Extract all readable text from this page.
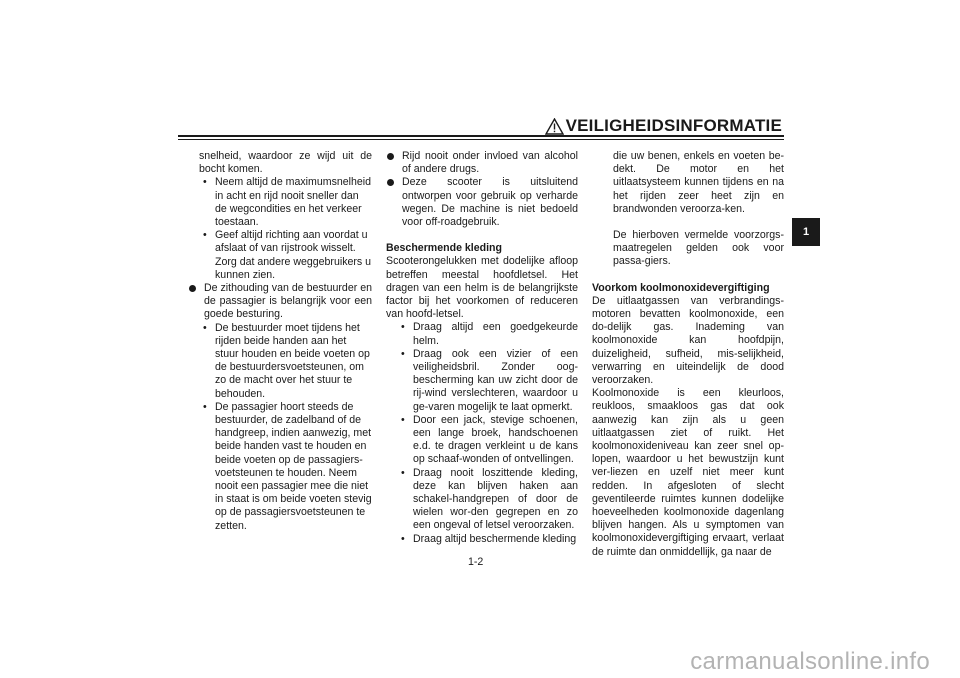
VEILIGHEIDSINFORMATIE
1

snelheid, waardoor ze wijd uit de bocht komen.

• Neem altijd de maximumsnelheid in acht en rijd nooit sneller dan de wegcondities en het verkeer toestaan.

• Geef altijd richting aan voordat u afslaat of van rijstrook wisselt. Zorg dat andere weggebruikers u kunnen zien.

De zithouding van de bestuurder en de passagier is belangrijk voor een goede besturing.

• De bestuurder moet tijdens het rijden beide handen aan het stuur houden en beide voeten op de bestuurdersvoetsteunen, om zo de macht over het stuur te behouden.

• De passagier hoort steeds de bestuurder, de zadelband of de handgreep, indien aanwezig, met beide handen vast te houden en beide voeten op de passagiers-voetsteunen te houden. Neem nooit een passagier mee die niet in staat is om beide voeten stevig op de passagiersvoetsteunen te zetten.

Rijd nooit onder invloed van alcohol of andere drugs.

Deze scooter is uitsluitend ontworpen voor gebruik op verharde wegen. De machine is niet bedoeld voor off-roadgebruik.

Beschermende kleding

Scooterongelukken met dodelijke afloop betreffen meestal hoofdletsel. Het dragen van een helm is de belangrijkste factor bij het voorkomen of reduceren van hoofd-letsel.

• Draag altijd een goedgekeurde helm.

• Draag ook een vizier of een veiligheidsbril. Zonder oog-bescherming kan uw zicht door de rij-wind verslechteren, waardoor u ge-varen mogelijk te laat opmerkt.

• Door een jack, stevige schoenen, een lange broek, handschoenen e.d. te dragen verkleint u de kans op schaaf-wonden of ontvellingen.

• Draag nooit loszittende kleding, deze kan blijven haken aan schakel-handgrepen of door de wielen wor-den gegrepen en zo een ongeval of letsel veroorzaken.

• Draag altijd beschermende kleding

die uw benen, enkels en voeten be-dekt. De motor en het uitlaatsysteem kunnen tijdens en na het rijden zeer heet zijn en brandwonden veroorza-ken.

De hierboven vermelde voorzorgs-maatregelen gelden ook voor passa-giers.

Voorkom koolmonoxidevergiftiging

De uitlaatgassen van verbrandings-motoren bevatten koolmonoxide, een do-delijk gas. Inademing van koolmonoxide kan hoofdpijn, duizeligheid, sufheid, mis-selijkheid, verwarring en uiteindelijk de dood veroorzaken.

Koolmonoxide is een kleurloos, reukloos, smaakloos gas dat ook aanwezig kan zijn als u geen uitlaatgassen ziet of ruikt. Het koolmonoxideniveau kan zeer snel op-lopen, waardoor u het bewustzijn kunt ver-liezen en uzelf niet meer kunt redden. In afgesloten of slecht geventileerde ruimtes kunnen dodelijke hoeveelheden koolmonoxide dagenlang blijven hangen. Als u symptomen van koolmonoxidevergiftiging ervaart, verlaat de ruimte dan onmiddellijk, ga naar de

1-2
carmanualsonline.info
